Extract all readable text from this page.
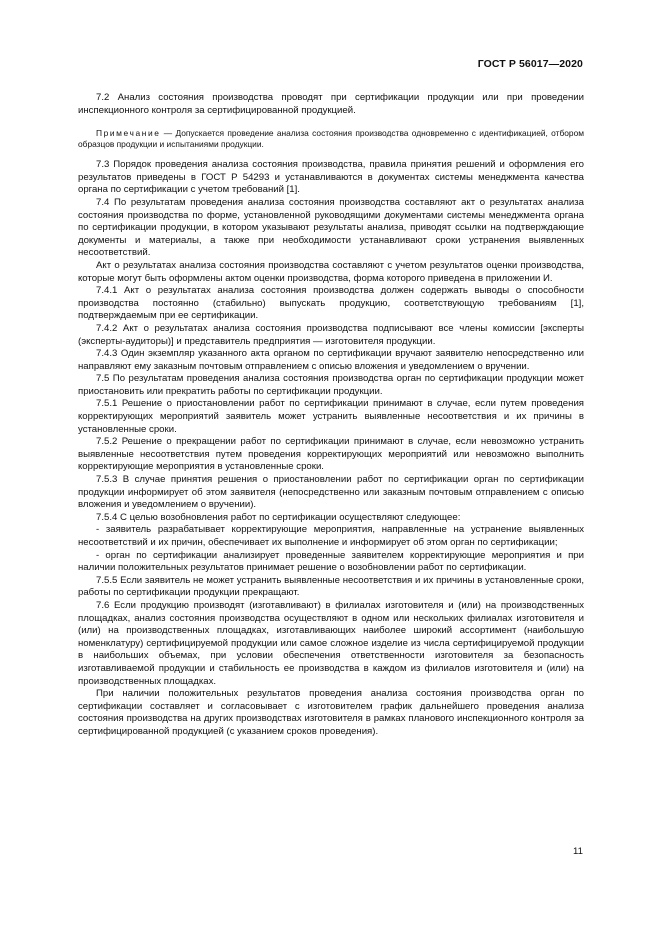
ГОСТ Р 56017—2020

7.2 Анализ состояния производства проводят при сертификации продукции или при проведении инспекционного контроля за сертифицированной продукцией.

Примечание — Допускается проведение анализа состояния производства одновременно с идентификацией, отбором образцов продукции и испытаниями продукции.

7.3 Порядок проведения анализа состояния производства, правила принятия решений и оформления его результатов приведены в ГОСТ Р 54293 и устанавливаются в документах системы менеджмента качества органа по сертификации с учетом требований [1].

7.4 По результатам проведения анализа состояния производства составляют акт о результатах анализа состояния производства по форме, установленной руководящими документами системы менеджмента органа по сертификации продукции, в котором указывают результаты анализа, приводят ссылки на подтверждающие документы и материалы, а также при необходимости устанавливают сроки устранения выявленных несоответствий.

Акт о результатах анализа состояния производства составляют с учетом результатов оценки производства, которые могут быть оформлены актом оценки производства, форма которого приведена в приложении И.

7.4.1 Акт о результатах анализа состояния производства должен содержать выводы о способности производства постоянно (стабильно) выпускать продукцию, соответствующую требованиям [1], подтверждаемым при ее сертификации.

7.4.2 Акт о результатах анализа состояния производства подписывают все члены комиссии [эксперты (эксперты-аудиторы)] и представитель предприятия — изготовителя продукции.

7.4.3 Один экземпляр указанного акта органом по сертификации вручают заявителю непосредственно или направляют ему заказным почтовым отправлением с описью вложения и уведомлением о вручении.

7.5 По результатам проведения анализа состояния производства орган по сертификации продукции может приостановить или прекратить работы по сертификации продукции.

7.5.1 Решение о приостановлении работ по сертификации принимают в случае, если путем проведения корректирующих мероприятий заявитель может устранить выявленные несоответствия и их причины в установленные сроки.

7.5.2 Решение о прекращении работ по сертификации принимают в случае, если невозможно устранить выявленные несоответствия путем проведения корректирующих мероприятий или невозможно выполнить корректирующие мероприятия в установленные сроки.

7.5.3 В случае принятия решения о приостановлении работ по сертификации орган по сертификации продукции информирует об этом заявителя (непосредственно или заказным почтовым отправлением с описью вложения и уведомлением о вручении).

7.5.4 С целью возобновления работ по сертификации осуществляют следующее:

- заявитель разрабатывает корректирующие мероприятия, направленные на устранение выявленных несоответствий и их причин, обеспечивает их выполнение и информирует об этом орган по сертификации;

- орган по сертификации анализирует проведенные заявителем корректирующие мероприятия и при наличии положительных результатов принимает решение о возобновлении работ по сертификации.

7.5.5 Если заявитель не может устранить выявленные несоответствия и их причины в установленные сроки, работы по сертификации продукции прекращают.

7.6 Если продукцию производят (изготавливают) в филиалах изготовителя и (или) на производственных площадках, анализ состояния производства осуществляют в одном или нескольких филиалах изготовителя и (или) на производственных площадках, изготавливающих наиболее широкий ассортимент (наибольшую номенклатуру) сертифицируемой продукции или самое сложное изделие из числа сертифицируемой продукции в наибольших объемах, при условии обеспечения ответственности изготовителя за безопасность изготавливаемой продукции и стабильность ее производства в каждом из филиалов изготовителя и (или) на производственных площадках.

При наличии положительных результатов проведения анализа состояния производства орган по сертификации составляет и согласовывает с изготовителем график дальнейшего проведения анализа состояния производства на других производствах изготовителя в рамках планового инспекционного контроля за сертифицированной продукцией (с указанием сроков проведения).

11
